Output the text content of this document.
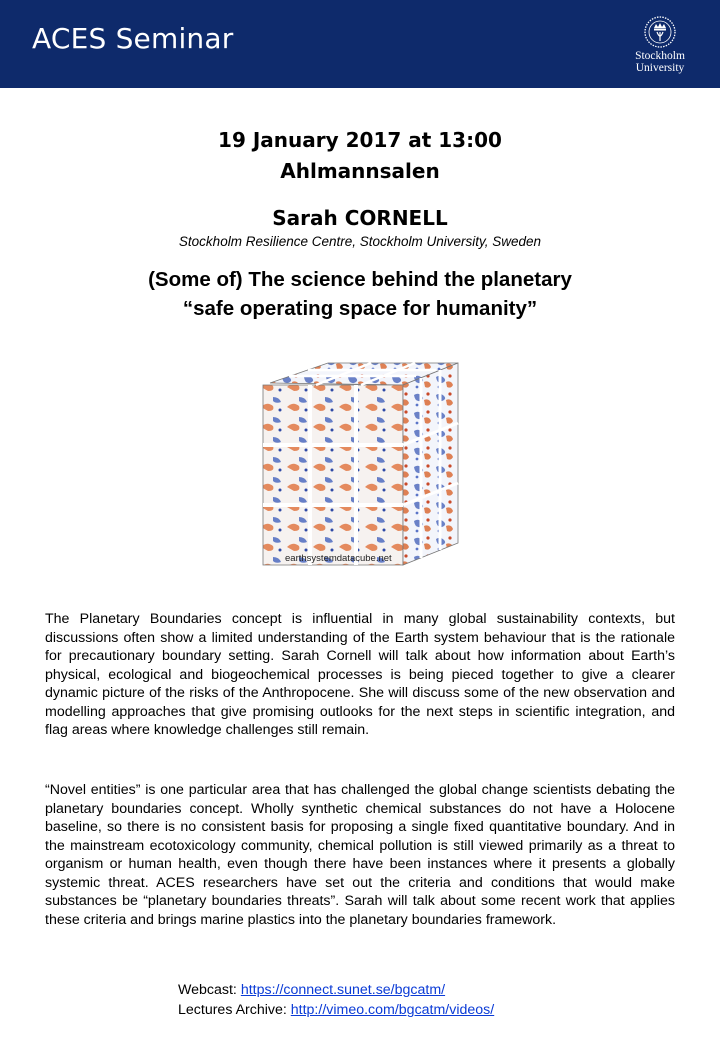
ACES Seminar
Stockholm
University
19 January 2017 at 13:00
Ahlmannsalen
Sarah CORNELL
Stockholm Resilience Centre, Stockholm University, Sweden
(Some of) The science behind the planetary
“safe operating space for humanity”
earthsystemdatacube.net
The Planetary Boundaries concept is influential in many global sustainability contexts, but discussions often show a limited understanding of the Earth system behaviour that is the rationale for precautionary boundary setting. Sarah Cornell will talk about how information about Earth’s physical, ecological and biogeochemical processes is being pieced together to give a clearer dynamic picture of the risks of the Anthropocene. She will discuss some of the new observation and modelling approaches that give promising outlooks for the next steps in scientific integration, and flag areas where knowledge challenges still remain.
“Novel entities” is one particular area that has challenged the global change scientists debating the planetary boundaries concept. Wholly synthetic chemical substances do not have a Holocene baseline, so there is no consistent basis for proposing a single fixed quantitative boundary. And in the mainstream ecotoxicology community, chemical pollution is still viewed primarily as a threat to organism or human health, even though there have been instances where it presents a globally systemic threat. ACES researchers have set out the criteria and conditions that would make substances be “planetary boundaries threats”. Sarah will talk about some recent work that applies these criteria and brings marine plastics into the planetary boundaries framework.
Webcast: https://connect.sunet.se/bgcatm/
Lectures Archive: http://vimeo.com/bgcatm/videos/
